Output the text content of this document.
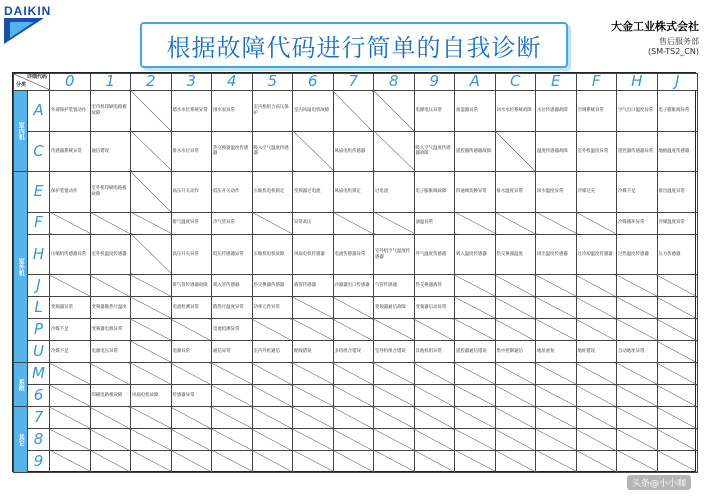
DAIKIN
大金工业株式会社
售后服务部
(SM-TS2_CN)
根据故障代码进行简单的自我诊断
详细代码
分类		0	1	2	3	4	5	6	7	8	9	A	C	E	F	H	J
室内机	A	外部保护装置动作	室内机印刷电路板故障		堵水水位系统异常	排水泵异常	室内机组合高压保护	室内风扇电机故障			电源电压异常	加湿器异常	回水水位系统故障	水位传感器故障	空调系统异常	空气出口温度异常	电子膨胀阀异常
	C	传感器系统异常	通信错误		排水水位异常	热交换器温度传感器	吸入空气温度传感器		风扇电机传感器		吸入空气温度传感器故障	遥控器传感器故障		温度传感器故障	室外机温度异常	遥控器传感器异常	地板温度传感器
室外机	E	保护装置动作	室外机印刷电路板故障		高压开关动作	低压开关动作	压缩机电机锁定	变频器过电流	风扇电机锁定	过电流	电子膨胀阀故障	四通阀切换异常	排水温度异常	回水温度异常	冷媒过充	冷媒不足	排出温度异常
	F				排气温度异常	冷气管异常		异常高压			油温异常					冷媒循环异常	冷媒温度异常
	H	压缩机传感器异常	室外机温度传感器		高压开关异常	低压传感器异常	压缩机电机故障	风扇电机传感器	电流传感器异常	室外机空气温度传感器	外气温度传感器	吸入温度传感器	热交换器温度	排出温度传感器	过冷却温度传感器	过热温度传感器	压力传感器
	J				排气管传感器故障	吸入管传感器	热交换器传感器	液管传感器	冷凝器出口传感器	气管传感器	热交换器液管						
	L	变频器异常	变频器散热片温度		电流检测异常	散热片温度异常	功率元件异常			变频器通信故障	变频器启动异常						
	P	冷媒不足	变频器电源异常			电流检测异常											
	U	冷媒不足	电源电压异常		电源异常	通信异常	室内外机通信	配线错误	多机组合错误	室外机组合错误	其他机组异常	遥控器通信错误	集中控制通信	地址重复	地址错误	自动地址异常	
系统	M																
	6		印刷电路板故障	风扇电机故障	传感器异常												
其它	7																
	8																
	9																
头条@小小咖
